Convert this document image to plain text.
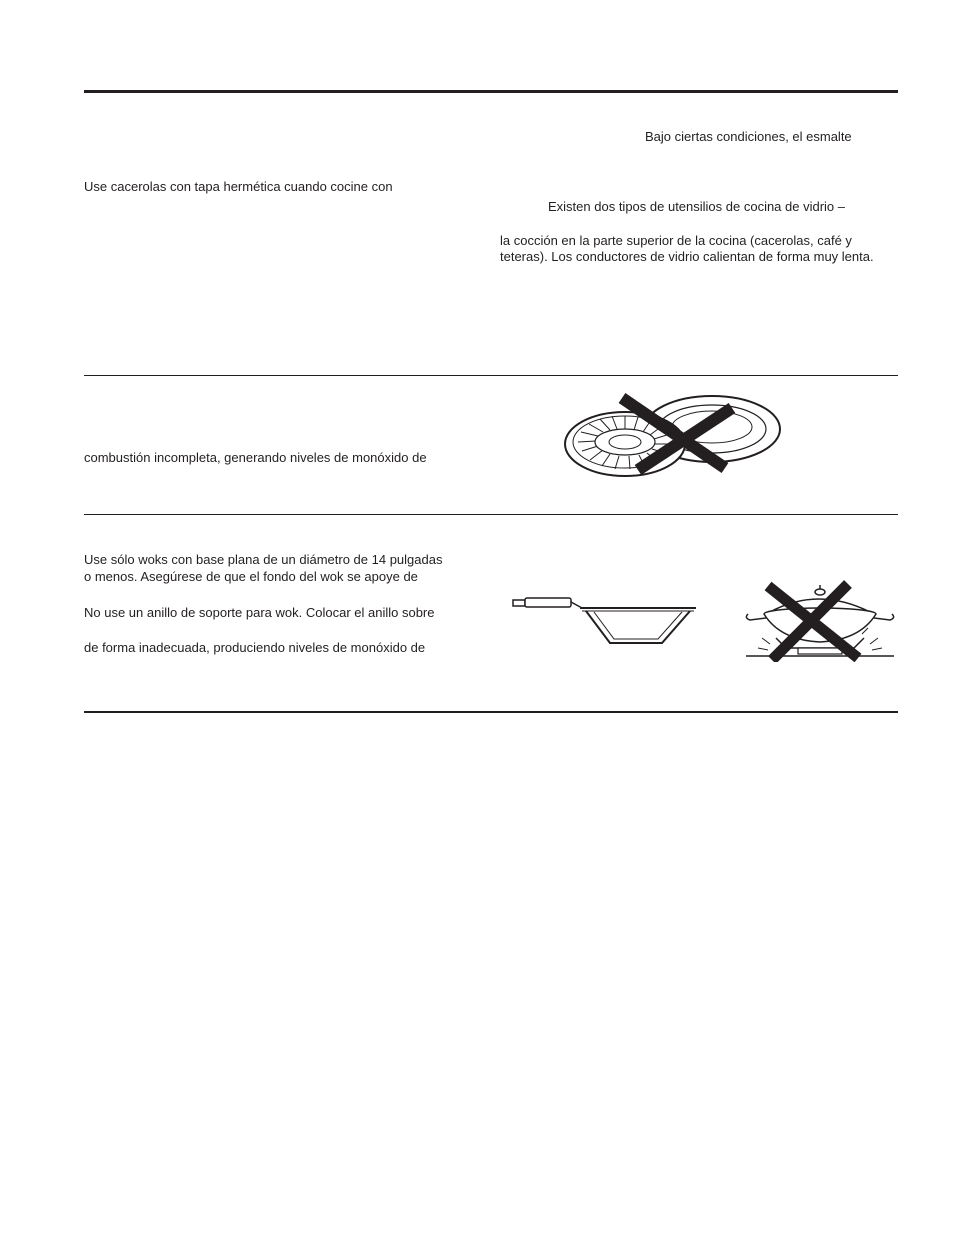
Bajo ciertas condiciones, el esmalte
Use cacerolas con tapa hermética cuando cocine con
Existen dos tipos de utensilios de cocina de vidrio –
la cocción en la parte superior de la cocina (cacerolas, café y
teteras). Los conductores de vidrio calientan de forma muy lenta.
combustión incompleta, generando niveles de monóxido de
Use sólo woks con base plana de un diámetro de 14 pulgadas
o menos. Asegúrese de que el fondo del wok se apoye de
No use un anillo de soporte para wok. Colocar el anillo sobre
de forma inadecuada, produciendo niveles de monóxido de
